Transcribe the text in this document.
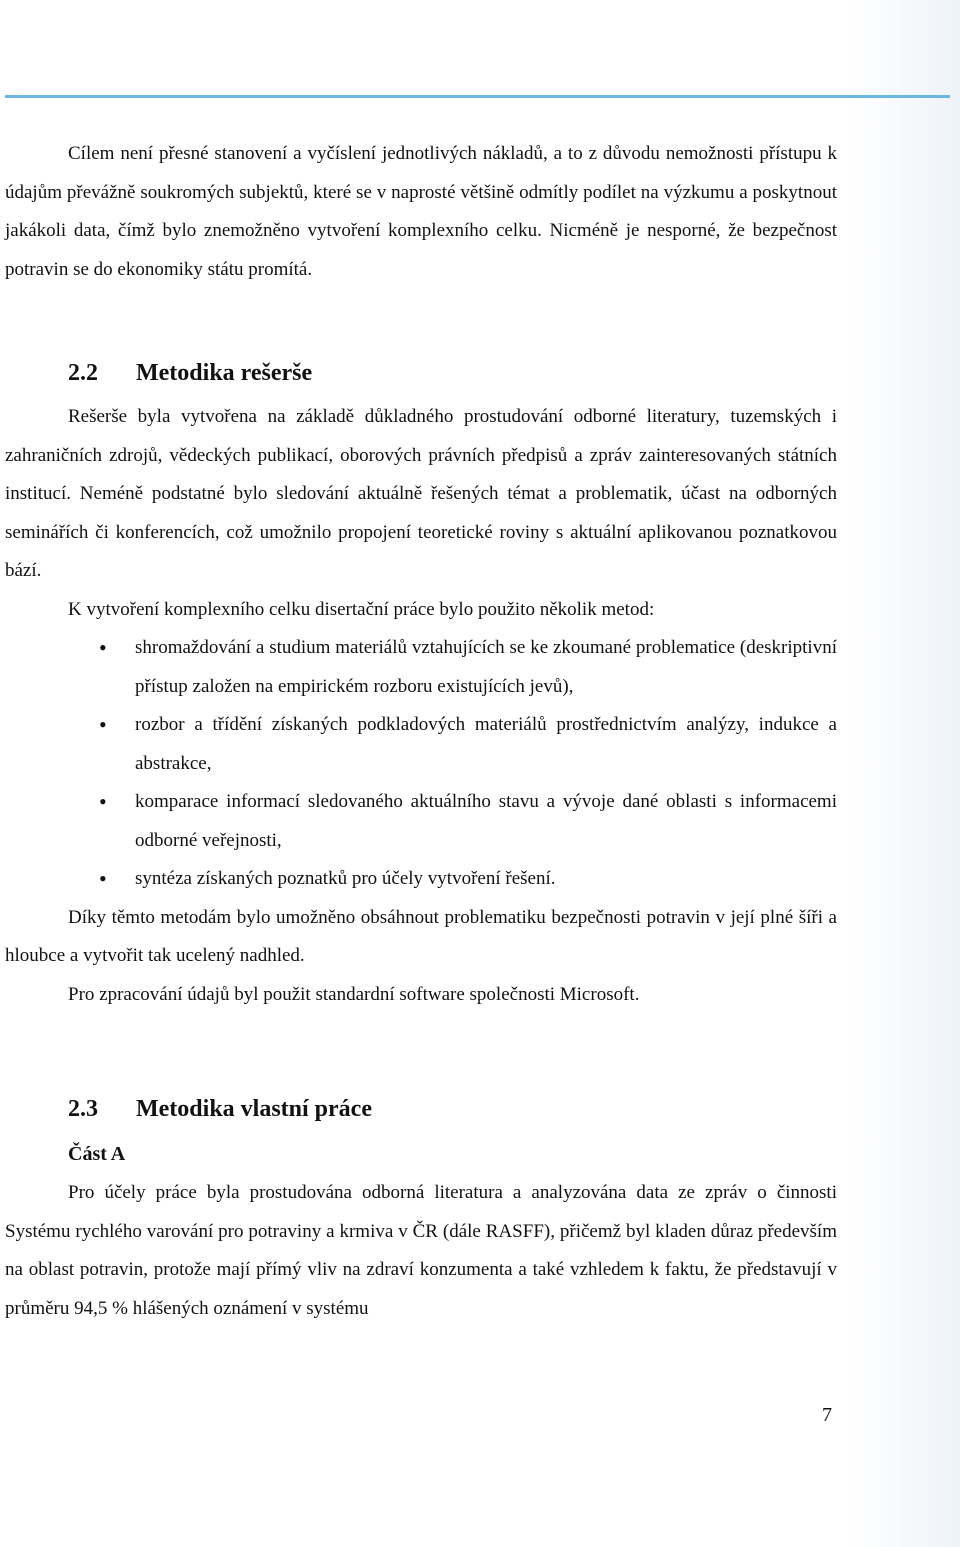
Cílem není přesné stanovení a vyčíslení jednotlivých nákladů, a to z důvodu nemožnosti přístupu k údajům převážně soukromých subjektů, které se v naprosté většině odmítly podílet na výzkumu a poskytnout jakákoli data, čímž bylo znemožněno vytvoření komplexního celku. Nicméně je nesporné, že bezpečnost potravin se do ekonomiky státu promítá.

2.2 Metodika rešerše

Rešerše byla vytvořena na základě důkladného prostudování odborné literatury, tuzemských i zahraničních zdrojů, vědeckých publikací, oborových právních předpisů a zpráv zainteresovaných státních institucí. Neméně podstatné bylo sledování aktuálně řešených témat a problematik, účast na odborných seminářích či konferencích, což umožnilo propojení teoretické roviny s aktuální aplikovanou poznatkovou bází.

K vytvoření komplexního celku disertační práce bylo použito několik metod:

• shromaždování a studium materiálů vztahujících se ke zkoumané problematice (deskriptivní přístup založen na empirickém rozboru existujících jevů),
• rozbor a třídění získaných podkladových materiálů prostřednictvím analýzy, indukce a abstrakce,
• komparace informací sledovaného aktuálního stavu a vývoje dané oblasti s informacemi odborné veřejnosti,
• syntéza získaných poznatků pro účely vytvoření řešení.

Díky těmto metodám bylo umožněno obsáhnout problematiku bezpečnosti potravin v její plné šíři a hloubce a vytvořit tak ucelený nadhled.

Pro zpracování údajů byl použit standardní software společnosti Microsoft.

2.3 Metodika vlastní práce
Část A

Pro účely práce byla prostudována odborná literatura a analyzována data ze zpráv o činnosti Systému rychlého varování pro potraviny a krmiva v ČR (dále RASFF), přičemž byl kladen důraz především na oblast potravin, protože mají přímý vliv na zdraví konzumenta a také vzhledem k faktu, že představují v průměru 94,5 % hlášených oznámení v systému

7
